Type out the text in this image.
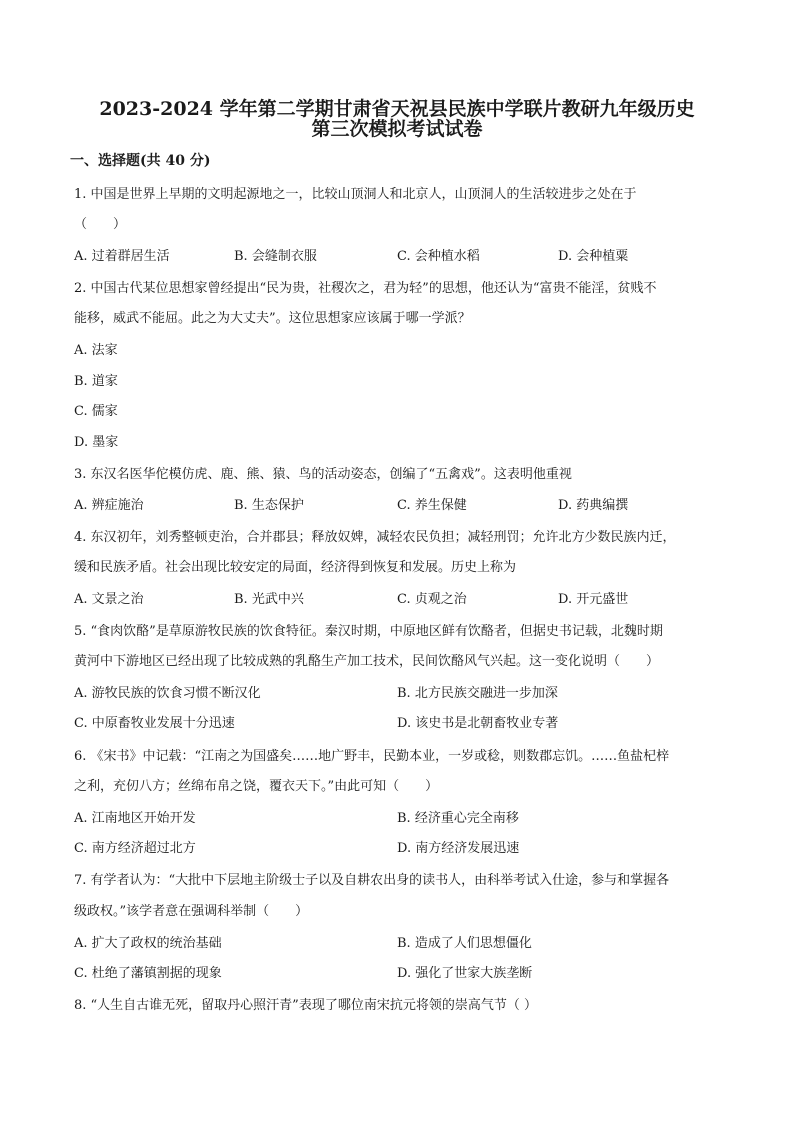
2023-2024 学年第二学期甘肃省天祝县民族中学联片教研九年级历史
第三次模拟考试试卷
一、选择题(共 40 分)
1. 中国是世界上早期的文明起源地之一，比较山顶洞人和北京人，山顶洞人的生活较进步之处在于
（　　）
A. 过着群居生活	B. 会缝制衣服	C. 会种植水稻	D. 会种植粟
2. 中国古代某位思想家曾经提出“民为贵，社稷次之，君为轻”的思想，他还认为“富贵不能淫，贫贱不
能移，威武不能屈。此之为大丈夫”。这位思想家应该属于哪一学派？
A. 法家
B. 道家
C. 儒家
D. 墨家
3. 东汉名医华佗模仿虎、鹿、熊、猿、鸟的活动姿态，创编了“五禽戏”。这表明他重视
A. 辨症施治	B. 生态保护	C. 养生保健	D. 药典编撰
4. 东汉初年，刘秀整顿吏治，合并郡县；释放奴婢，减轻农民负担；减轻刑罚；允许北方少数民族内迁，
缓和民族矛盾。社会出现比较安定的局面，经济得到恢复和发展。历史上称为
A. 文景之治	B. 光武中兴	C. 贞观之治	D. 开元盛世
5. “食肉饮酪”是草原游牧民族的饮食特征。秦汉时期，中原地区鲜有饮酪者，但据史书记载，北魏时期
黄河中下游地区已经出现了比较成熟的乳酪生产加工技术，民间饮酪风气兴起。这一变化说明（　　）
A. 游牧民族的饮食习惯不断汉化	B. 北方民族交融进一步加深
C. 中原畜牧业发展十分迅速	D. 该史书是北朝畜牧业专著
6. 《宋书》中记载：“江南之为国盛矣……地广野丰，民勤本业，一岁或稔，则数郡忘饥。……鱼盐杞梓
之利，充仞八方；丝绵布帛之饶，覆衣天下。”由此可知（　　）
A. 江南地区开始开发	B. 经济重心完全南移
C. 南方经济超过北方	D. 南方经济发展迅速
7. 有学者认为：“大批中下层地主阶级士子以及自耕农出身的读书人，由科举考试入仕途，参与和掌握各
级政权。”该学者意在强调科举制（　　）
A. 扩大了政权的统治基础	B. 造成了人们思想僵化
C. 杜绝了藩镇割据的现象	D. 强化了世家大族垄断
8. “人生自古谁无死，留取丹心照汗青”表现了哪位南宋抗元将领的崇高气节（ ）
